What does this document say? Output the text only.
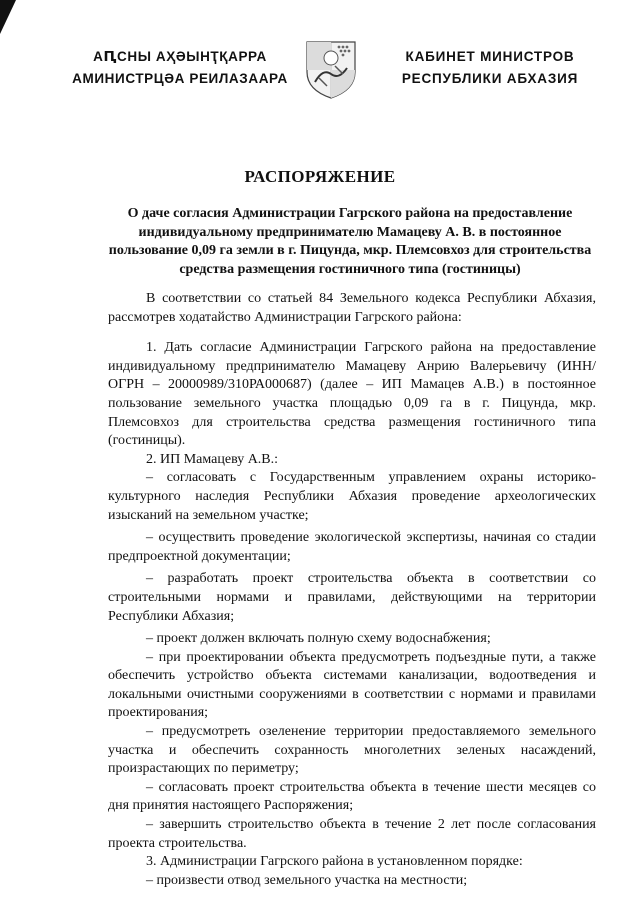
АԤСНЫ АҲӘЫНҬҚАРРА
АМИНИСТРЦӘА РЕИЛАЗААРА
КАБИНЕТ МИНИСТРОВ
РЕСПУБЛИКИ АБХАЗИЯ
РАСПОРЯЖЕНИЕ
О даче согласия Администрации Гагрского района на предоставление индивидуальному предпринимателю Мамацеву А. В. в постоянное пользование 0,09 га земли в г. Пицунда, мкр. Племсовхоз для строительства средства размещения гостиничного типа (гостиницы)

В соответствии со статьей 84 Земельного кодекса Республики Абхазия, рассмотрев ходатайство Администрации Гагрского района:

1. Дать согласие Администрации Гагрского района на предоставление индивидуальному предпринимателю Мамацеву Анрию Валерьевичу (ИНН/ОГРН – 20000989/310РА000687) (далее – ИП Мамацев А.В.) в постоянное пользование земельного участка площадью 0,09 га в г. Пицунда, мкр. Племсовхоз для строительства средства размещения гостиничного типа (гостиницы).

2. ИП Мамацеву А.В.:

– согласовать с Государственным управлением охраны историко-культурного наследия Республики Абхазия проведение археологических изысканий на земельном участке;

– осуществить проведение экологической экспертизы, начиная со стадии предпроектной документации;

– разработать проект строительства объекта в соответствии со строительными нормами и правилами, действующими на территории Республики Абхазия;

– проект должен включать полную схему водоснабжения;

– при проектировании объекта предусмотреть подъездные пути, а также обеспечить устройство объекта системами канализации, водоотведения и локальными очистными сооружениями в соответствии с нормами и правилами проектирования;

– предусмотреть озеленение территории предоставляемого земельного участка и обеспечить сохранность многолетних зеленых насаждений, произрастающих по периметру;

– согласовать проект строительства объекта в течение шести месяцев со дня принятия настоящего Распоряжения;

– завершить строительство объекта в течение 2 лет после согласования проекта строительства.

3. Администрации Гагрского района в установленном порядке:

– произвести отвод земельного участка на местности;
